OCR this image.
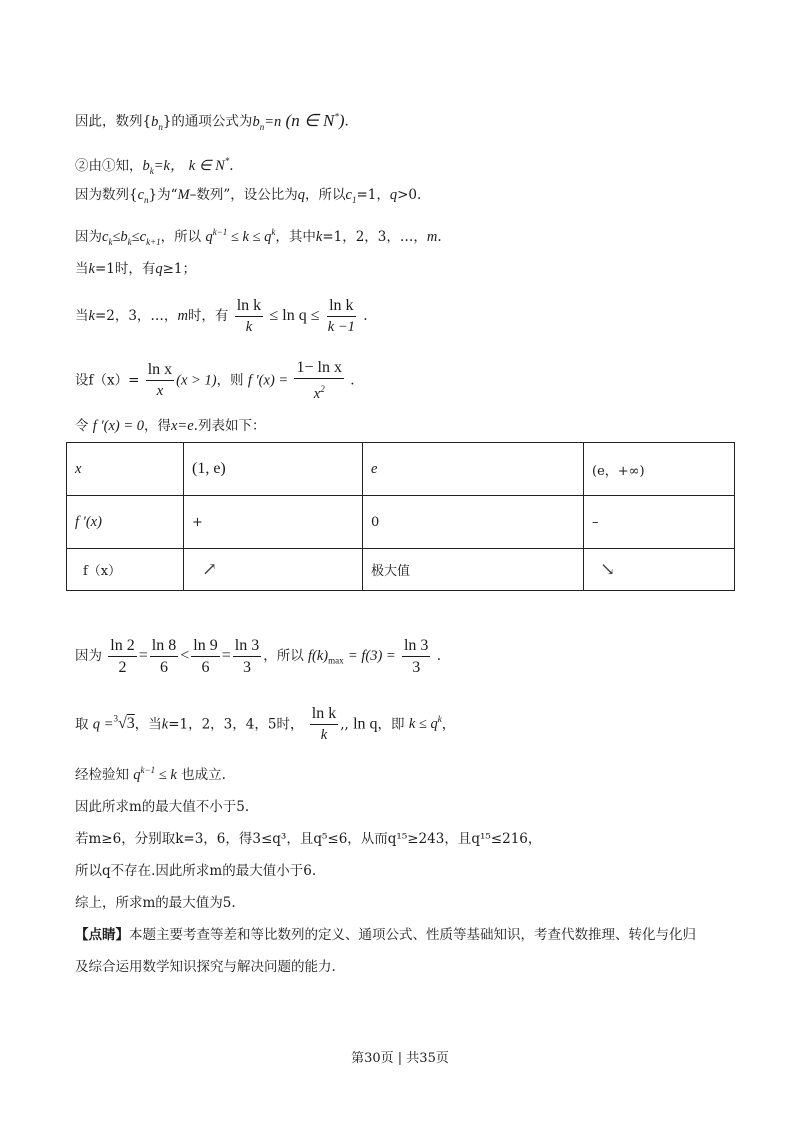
因此，数列$\{b_n\}$的通项公式为$b_n=n$ (n ∈ N*).
②由①知，$b_k=k$， k ∈ N*.
因为数列$\{c_n\}$为“M–数列”，设公比为q，所以$c_1=1$，q>0.
因为$c_k\le b_k\le c_{k+1}$，所以 $q^{k-1} \le k \le q^k$，其中k=1，2，3，…，m.
当k=1时，有q≥1；
当k=2，3，…，m时，有 $\frac{\text{ln k}}{k} \le \ln q \le \frac{\text{ln k}}{k -1}$ .
设$f(x)= \frac{\text{ln x}}{x} (x > 1)$，则 f $'(x) = \frac{\text{1− ln x}}{x^2}$ .
令 f ′(x) = 0，得x=e.列表如下：
x	(1, e)	e	(e，+∞)
f ′(x)	+	0	–
f（x）	↗	极大值	↘
因为 $\frac{\ln 2}{2} = \frac{\ln 8}{6} < \frac{\ln 9}{6} = \frac{\ln 3}{3}$ ，所以 $f(k)_{max} = f(3) = \frac{\ln 3}{3}$ .
取 q =$^3$√3，当k=1，2，3，4，5时， $\frac{\text{ln k}}{k}$ ,, ln q，即 $k \le q^k$，
经检验知 $q^{k-1} \le k$ 也成立.
因此所求m的最大值不小于5.
若m≥6，分别取k=3，6，得3≤q³，且q⁵≤6，从而q¹⁵≥243，且q¹⁵≤216，
所以q不存在.因此所求m的最大值小于6.
综上，所求m的最大值为5.
【点睛】本题主要考查等差和等比数列的定义、通项公式、性质等基础知识，考查代数推理、转化与化归
及综合运用数学知识探究与解决问题的能力.
第30页 | 共35页
